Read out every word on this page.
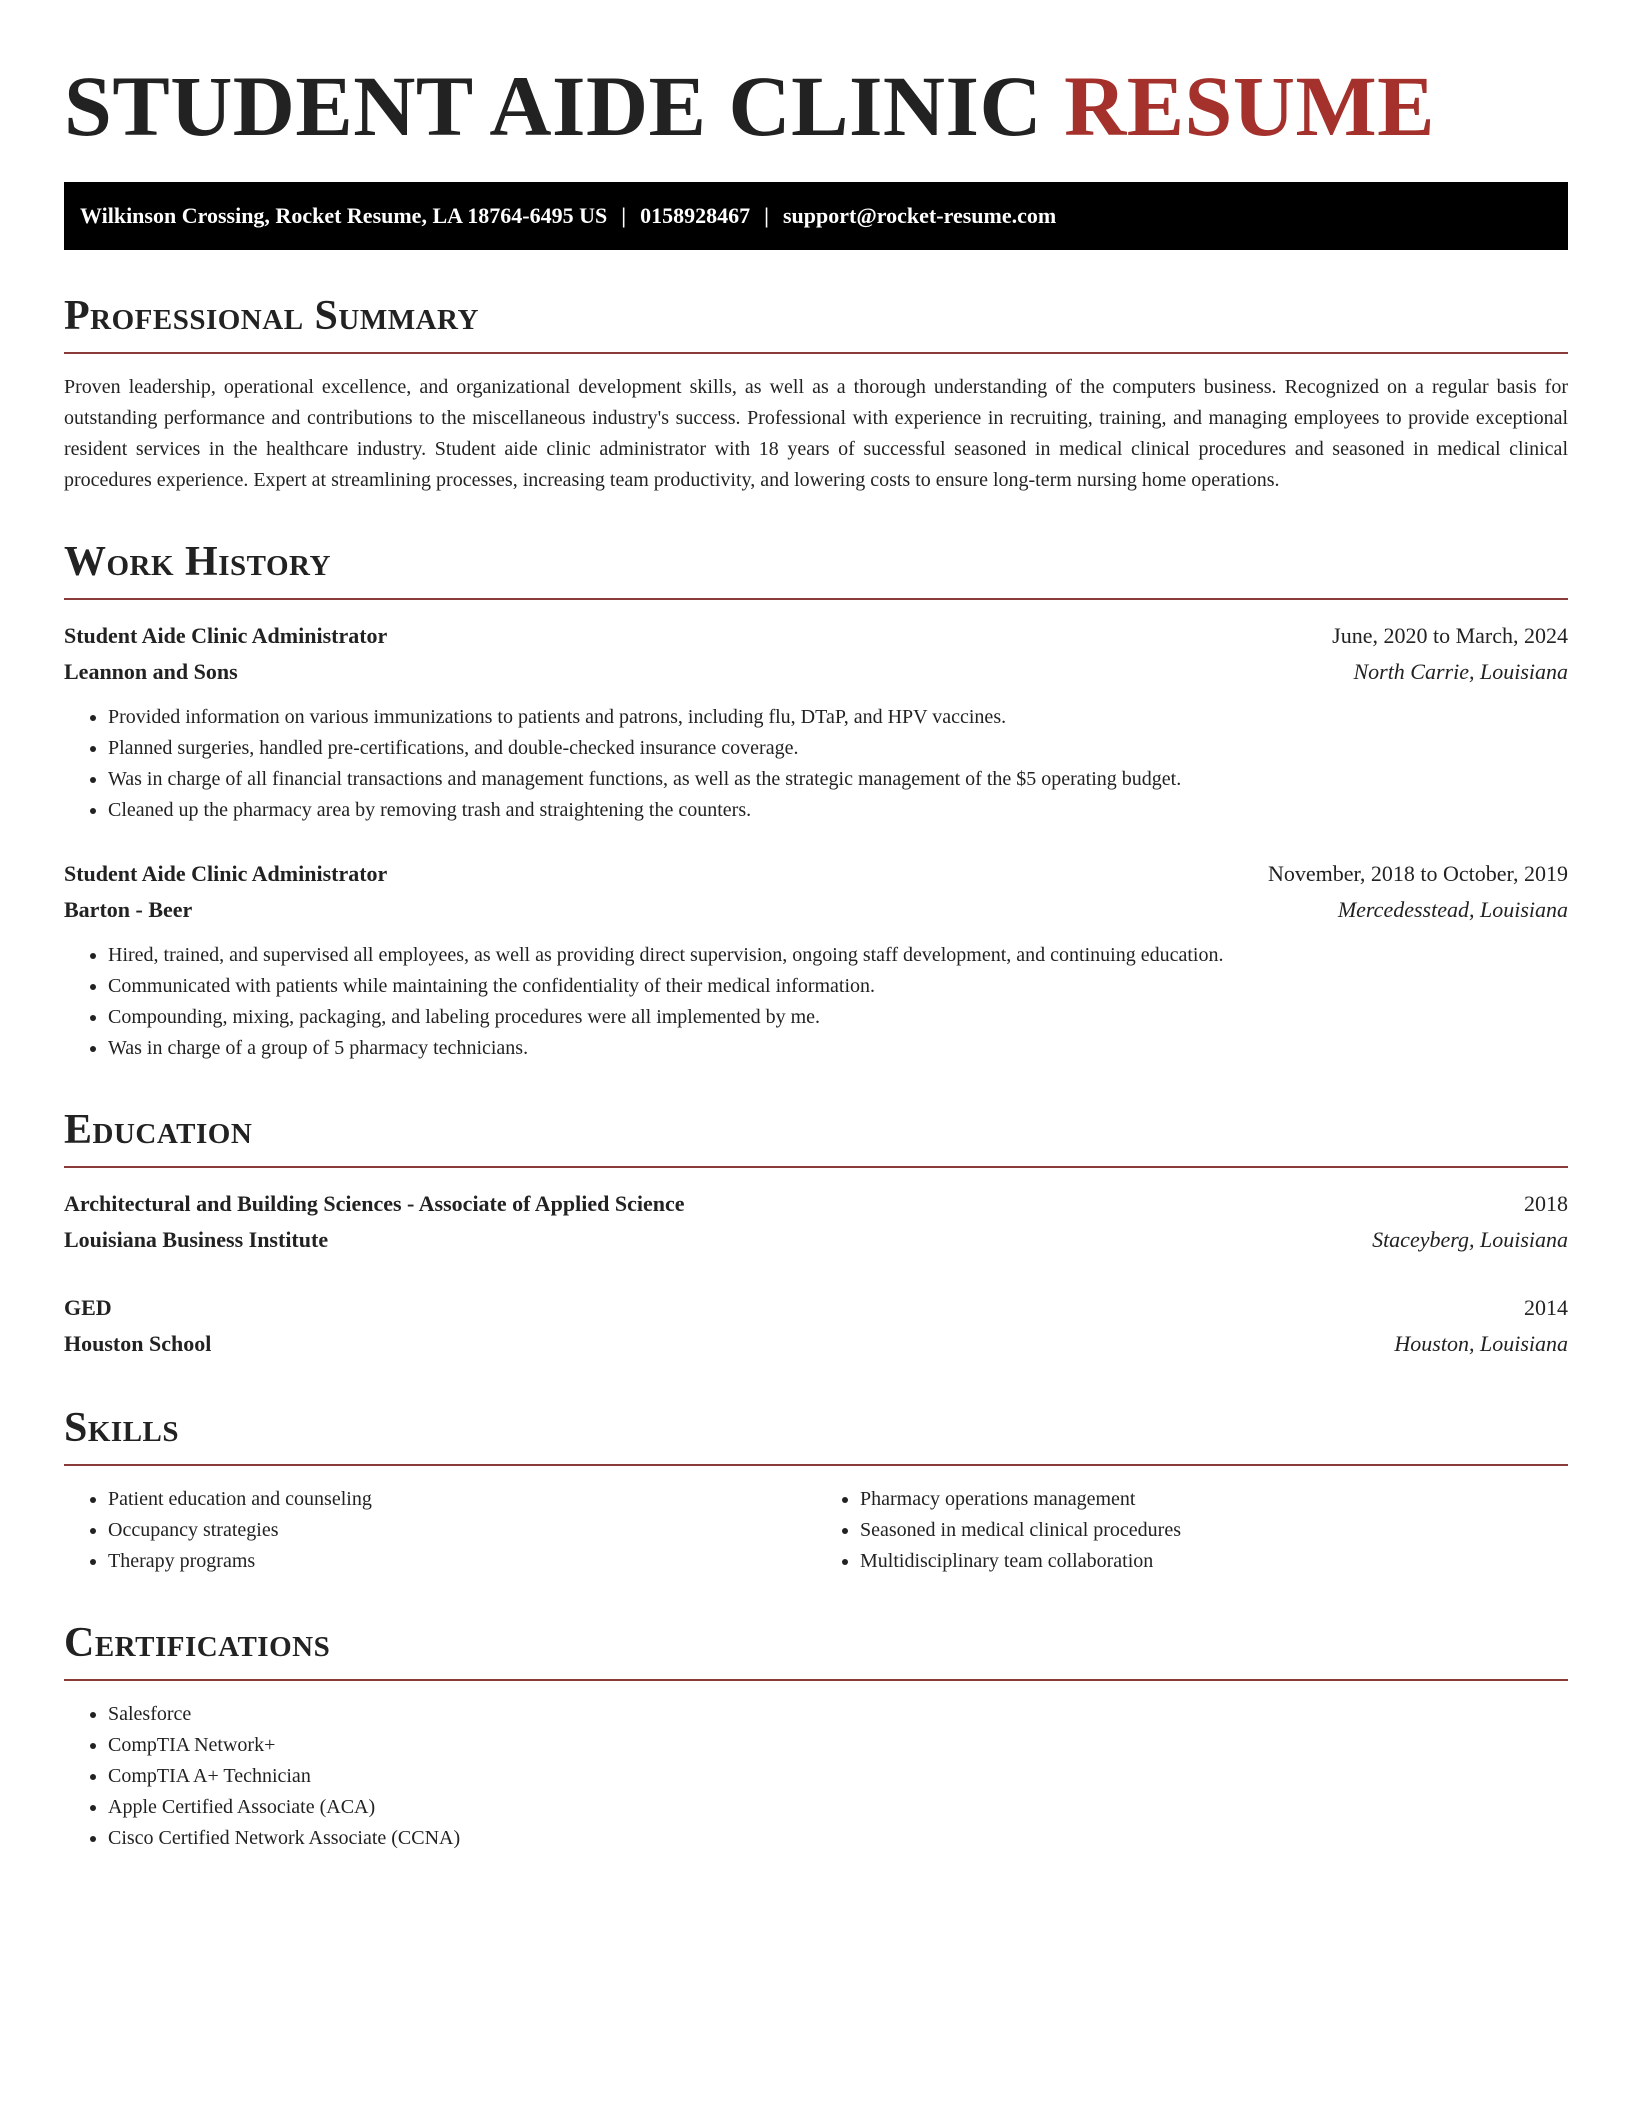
STUDENT AIDE CLINIC RESUME
Wilkinson Crossing, Rocket Resume, LA 18764-6495 US | 0158928467 | support@rocket-resume.com
Professional Summary

Proven leadership, operational excellence, and organizational development skills, as well as a thorough understanding of the computers business. Recognized on a regular basis for outstanding performance and contributions to the miscellaneous industry's success. Professional with experience in recruiting, training, and managing employees to provide exceptional resident services in the healthcare industry. Student aide clinic administrator with 18 years of successful seasoned in medical clinical procedures and seasoned in medical clinical procedures experience. Expert at streamlining processes, increasing team productivity, and lowering costs to ensure long-term nursing home operations.

Work History
Student Aide Clinic Administrator	June, 2020 to March, 2024
Leannon and Sons	North Carrie, Louisiana
• Provided information on various immunizations to patients and patrons, including flu, DTaP, and HPV vaccines.
• Planned surgeries, handled pre-certifications, and double-checked insurance coverage.
• Was in charge of all financial transactions and management functions, as well as the strategic management of the $5 operating budget.
• Cleaned up the pharmacy area by removing trash and straightening the counters.
Student Aide Clinic Administrator	November, 2018 to October, 2019
Barton - Beer	Mercedesstead, Louisiana
• Hired, trained, and supervised all employees, as well as providing direct supervision, ongoing staff development, and continuing education.
• Communicated with patients while maintaining the confidentiality of their medical information.
• Compounding, mixing, packaging, and labeling procedures were all implemented by me.
• Was in charge of a group of 5 pharmacy technicians.
Education
Architectural and Building Sciences - Associate of Applied Science	2018
Louisiana Business Institute	Staceyberg, Louisiana
GED	2014
Houston School	Houston, Louisiana
Skills
• Patient education and counseling
• Occupancy strategies
• Therapy programs
• Pharmacy operations management
• Seasoned in medical clinical procedures
• Multidisciplinary team collaboration
Certifications
• Salesforce
• CompTIA Network+
• CompTIA A+ Technician
• Apple Certified Associate (ACA)
• Cisco Certified Network Associate (CCNA)
